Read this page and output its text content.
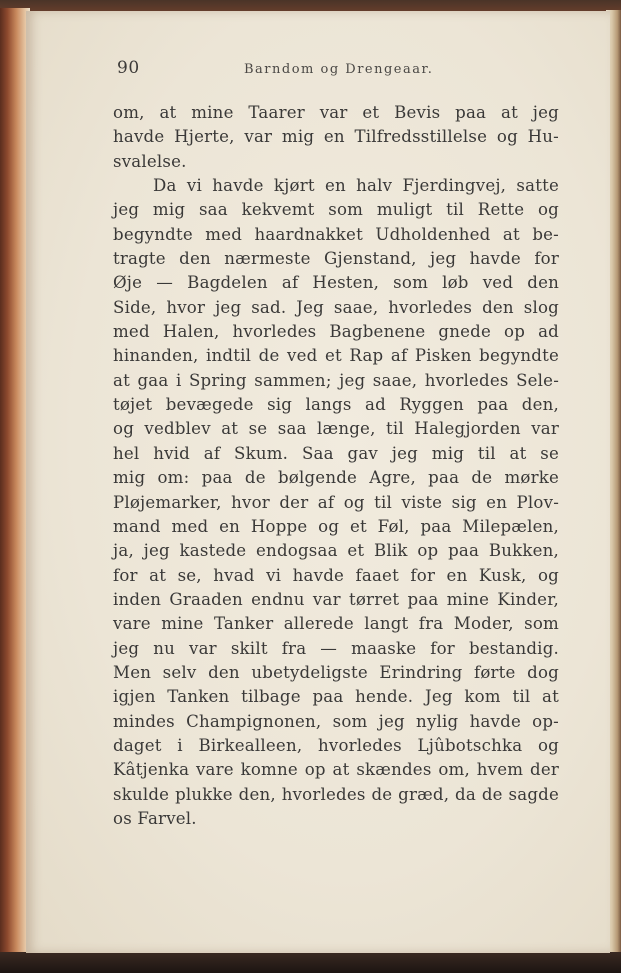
90	Barndom og Drengeaar.
om, at mine Taarer var et Bevis paa at jeg
havde Hjerte, var mig en Tilfredsstillelse og Hu-
svalelse.
Da vi havde kjørt en halv Fjerdingvej, satte
jeg mig saa kekvemt som muligt til Rette og
begyndte med haardnakket Udholdenhed at be-
tragte den nærmeste Gjenstand, jeg havde for
Øje — Bagdelen af Hesten, som løb ved den
Side, hvor jeg sad. Jeg saae, hvorledes den slog
med Halen, hvorledes Bagbenene gnede op ad
hinanden, indtil de ved et Rap af Pisken begyndte
at gaa i Spring sammen; jeg saae, hvorledes Sele-
tøjet bevægede sig langs ad Ryggen paa den,
og vedblev at se saa længe, til Halegjorden var
hel hvid af Skum. Saa gav jeg mig til at se
mig om: paa de bølgende Agre, paa de mørke
Pløjemarker, hvor der af og til viste sig en Plov-
mand med en Hoppe og et Føl, paa Milepælen,
ja, jeg kastede endogsaa et Blik op paa Bukken,
for at se, hvad vi havde faaet for en Kusk, og
inden Graaden endnu var tørret paa mine Kinder,
vare mine Tanker allerede langt fra Moder, som
jeg nu var skilt fra — maaske for bestandig.
Men selv den ubetydeligste Erindring førte dog
igjen Tanken tilbage paa hende. Jeg kom til at
mindes Champignonen, som jeg nylig havde op-
daget i Birkealleen, hvorledes Ljûbotschka og
Kâtjenka vare komne op at skændes om, hvem der
skulde plukke den, hvorledes de græd, da de sagde
os Farvel.
